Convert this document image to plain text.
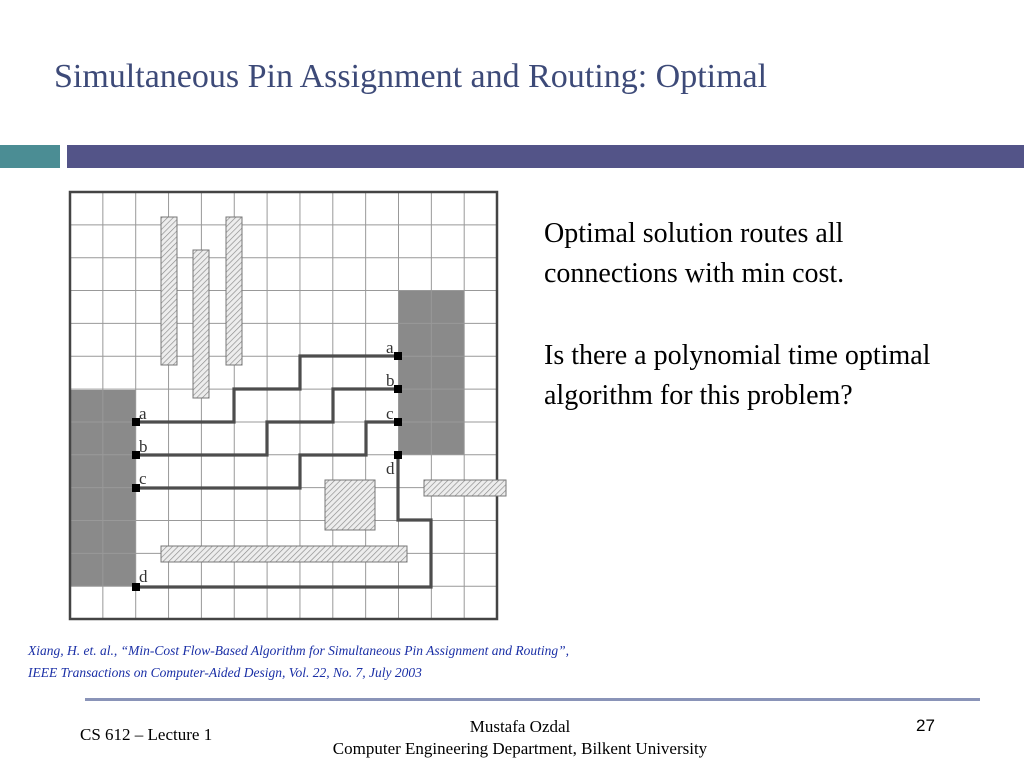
Simultaneous Pin Assignment and Routing: Optimal
a
b
c
d
a
b
c
d

Optimal solution routes all connections with min cost.

Is there a polynomial time optimal algorithm for this problem?

Xiang, H. et. al., “Min-Cost Flow-Based Algorithm for Simultaneous Pin Assignment and Routing”,
IEEE Transactions on Computer-Aided Design, Vol. 22, No. 7, July 2003
CS 612 – Lecture 1	Mustafa Ozdal
Computer Engineering Department, Bilkent University
27
